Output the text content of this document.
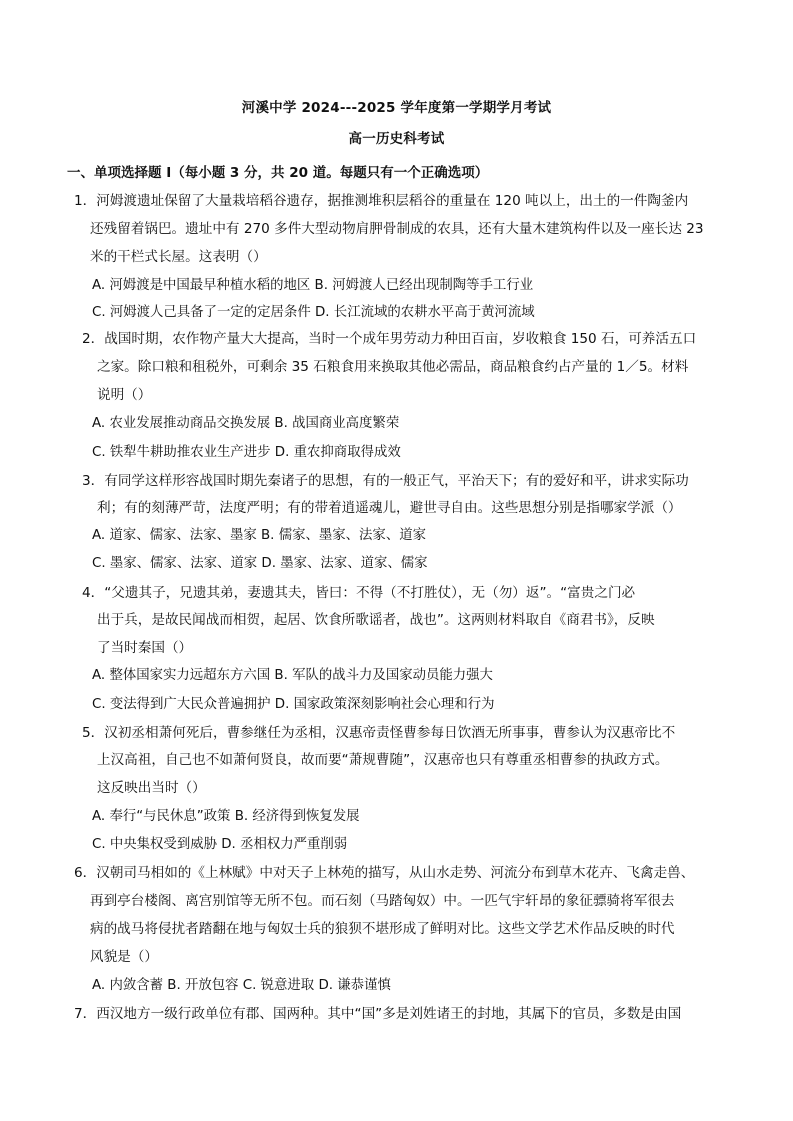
河溪中学 2024---2025 学年度第一学期学月考试
高一历史科考试
一、单项选择题 I（每小题 3 分，共 20 道。每题只有一个正确选项）
1．河姆渡遗址保留了大量栽培稻谷遗存，据推测堆积层稻谷的重量在 120 吨以上，出土的一件陶釜内
还残留着锅巴。遗址中有 270 多件大型动物肩胛骨制成的农具，还有大量木建筑构件以及一座长达 23
米的干栏式长屋。这表明（）
A. 河姆渡是中国最早种植水稻的地区 B. 河姆渡人已经出现制陶等手工行业
C. 河姆渡人己具备了一定的定居条件 D. 长江流域的农耕水平高于黄河流域
2．战国时期，农作物产量大大提高，当时一个成年男劳动力种田百亩，岁收粮食 150 石，可养活五口
之家。除口粮和租税外，可剩余 35 石粮食用来换取其他必需品，商品粮食约占产量的 1／5。材料
说明（）
A. 农业发展推动商品交换发展 B. 战国商业高度繁荣
C. 铁犁牛耕助推农业生产进步 D. 重农抑商取得成效
3．有同学这样形容战国时期先秦诸子的思想，有的一般正气，平治天下；有的爱好和平，讲求实际功
利；有的刻薄严苛，法度严明；有的带着逍遥魂儿，避世寻自由。这些思想分别是指哪家学派（）
A. 道家、儒家、法家、墨家 B. 儒家、墨家、法家、道家
C. 墨家、儒家、法家、道家 D. 墨家、法家、道家、儒家
4．“父遗其子，兄遗其弟，妻遗其夫，皆曰：不得（不打胜仗），无（勿）返”。“富贵之门必
出于兵，是故民闻战而相贺，起居、饮食所歌谣者，战也”。这两则材料取自《商君书》，反映
了当时秦国（）
A. 整体国家实力远超东方六国 B. 军队的战斗力及国家动员能力强大
C. 变法得到广大民众普遍拥护 D. 国家政策深刻影响社会心理和行为
5．汉初丞相萧何死后，曹参继任为丞相，汉惠帝责怪曹参每日饮酒无所事事，曹参认为汉惠帝比不
上汉高祖，自己也不如萧何贤良，故而要“萧规曹随”，汉惠帝也只有尊重丞相曹参的执政方式。
这反映出当时（）
A. 奉行“与民休息”政策 B. 经济得到恢复发展
C. 中央集权受到威胁 D. 丞相权力严重削弱
6．汉朝司马相如的《上林赋》中对天子上林苑的描写，从山水走势、河流分布到草木花卉、飞禽走兽、
再到亭台楼阁、离宫别馆等无所不包。而石刻（马踏匈奴）中。一匹气宇轩昂的象征骠骑将军很去
病的战马将侵扰者踏翻在地与匈奴士兵的狼狈不堪形成了鲜明对比。这些文学艺术作品反映的时代
风貌是（）
A. 内敛含蓄 B. 开放包容 C. 锐意进取 D. 谦恭谨慎
7．西汉地方一级行政单位有郡、国两种。其中“国”多是刘姓诸王的封地，其属下的官员，多数是由国
